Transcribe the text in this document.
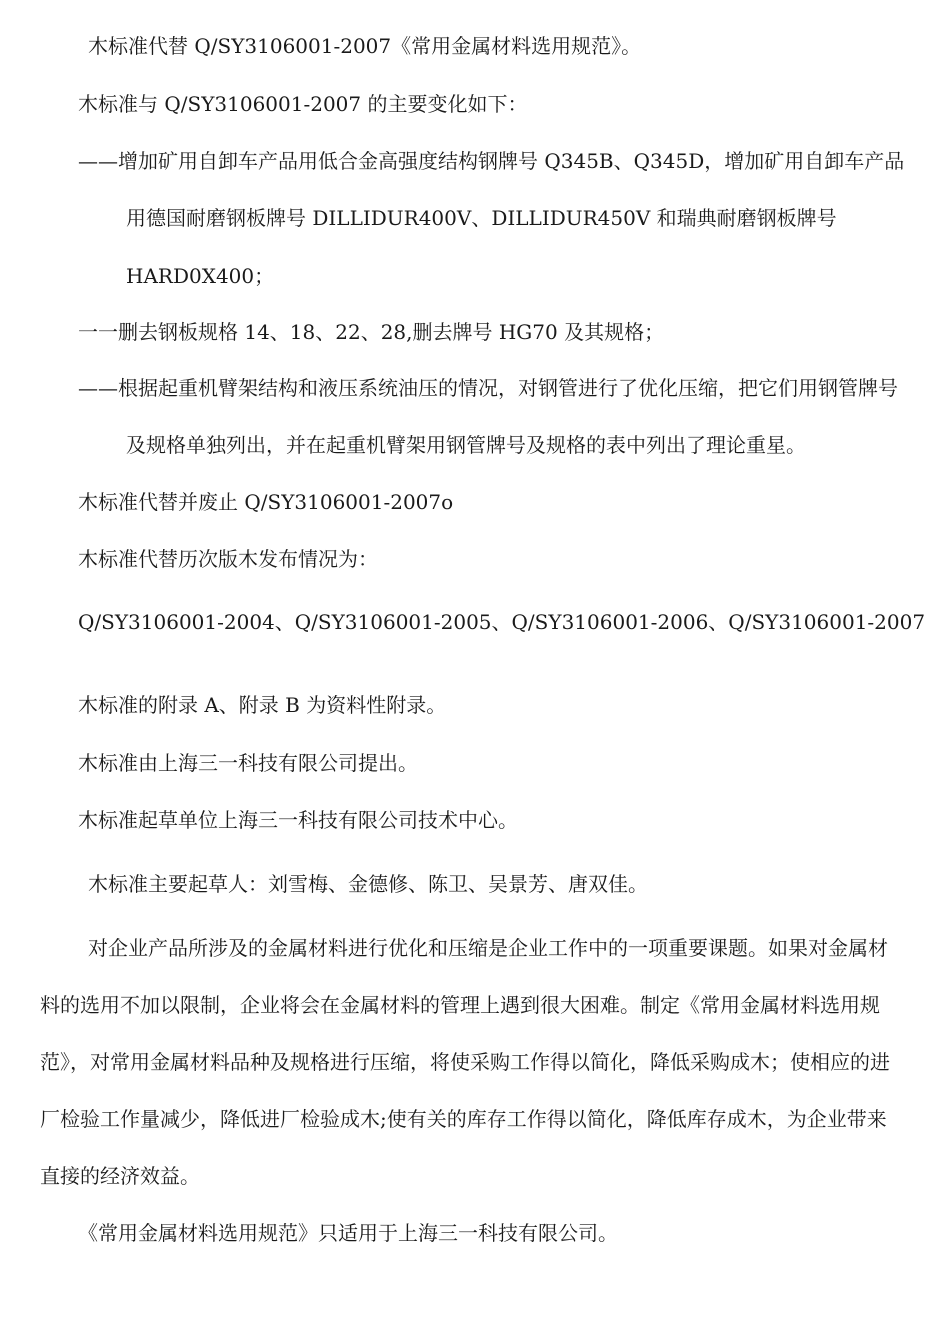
木标准代替 Q/SY3106001-2007《常用金属材料选用规范》。

木标准与 Q/SY3106001-2007 的主要变化如下：

——增加矿用自卸车产品用低合金高强度结构钢牌号 Q345B、Q345D，增加矿用自卸车产品

用德国耐磨钢板牌号 DILLIDUR400V、DILLIDUR450V 和瑞典耐磨钢板牌号

HARD0X400；

一一删去钢板规格 14、18、22、28,删去牌号 HG70 及其规格；

——根据起重机臂架结构和液压系统油压的情况，对钢管进行了优化压缩，把它们用钢管牌号

及规格单独列出，并在起重机臂架用钢管牌号及规格的表中列出了理论重星。

木标准代替并废止 Q/SY3106001-2007o

木标准代替历次版木发布情况为：

Q/SY3106001-2004、Q/SY3106001-2005、Q/SY3106001-2006、Q/SY3106001-2007

木标准的附录 A、附录 B 为资料性附录。

木标准由上海三一科技有限公司提出。

木标准起草单位上海三一科技有限公司技术中心。

木标准主要起草人：刘雪梅、金德修、陈卫、吴景芳、唐双佳。

对企业产品所涉及的金属材料进行优化和压缩是企业工作中的一项重要课题。如果对金属材

料的选用不加以限制，企业将会在金属材料的管理上遇到很大困难。制定《常用金属材料选用规

范》，对常用金属材料品种及规格进行压缩，将使采购工作得以简化，降低采购成木；使相应的进

厂检验工作量减少，降低进厂检验成木;使有关的库存工作得以简化，降低库存成木，为企业带来

直接的经济效益。

《常用金属材料选用规范》只适用于上海三一科技有限公司。
